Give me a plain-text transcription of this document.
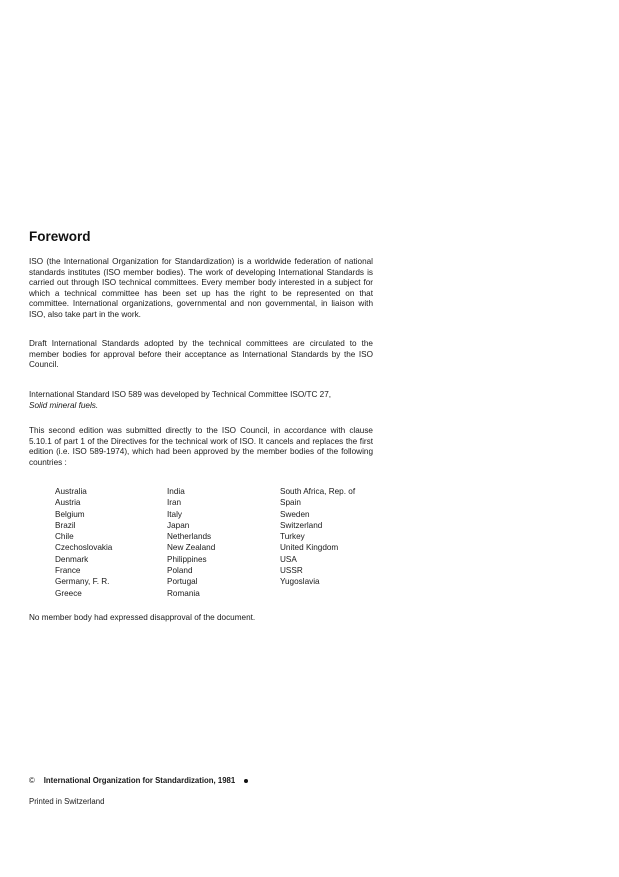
Foreword

ISO (the International Organization for Standardization) is a worldwide federation of national standards institutes (ISO member bodies). The work of developing International Standards is carried out through ISO technical committees. Every member body interested in a subject for which a technical committee has been set up has the right to be represented on that committee. International organizations, governmental and non governmental, in liaison with ISO, also take part in the work.

Draft International Standards adopted by the technical committees are circulated to the member bodies for approval before their acceptance as International Standards by the ISO Council.

International Standard ISO 589 was developed by Technical Committee ISO/TC 27,
Solid mineral fuels.

This second edition was submitted directly to the ISO Council, in accordance with clause 5.10.1 of part 1 of the Directives for the technical work of ISO. It cancels and replaces the first edition (i.e. ISO 589-1974), which had been approved by the member bodies of the following countries :

Australia
Austria
Belgium
Brazil
Chile
Czechoslovakia
Denmark
France
Germany, F. R.
Greece
India
Iran
Italy
Japan
Netherlands
New Zealand
Philippines
Poland
Portugal
Romania
South Africa, Rep. of
Spain
Sweden
Switzerland
Turkey
United Kingdom
USA
USSR
Yugoslavia

No member body had expressed disapproval of the document.

© International Organization for Standardization, 1981
Printed in Switzerland
